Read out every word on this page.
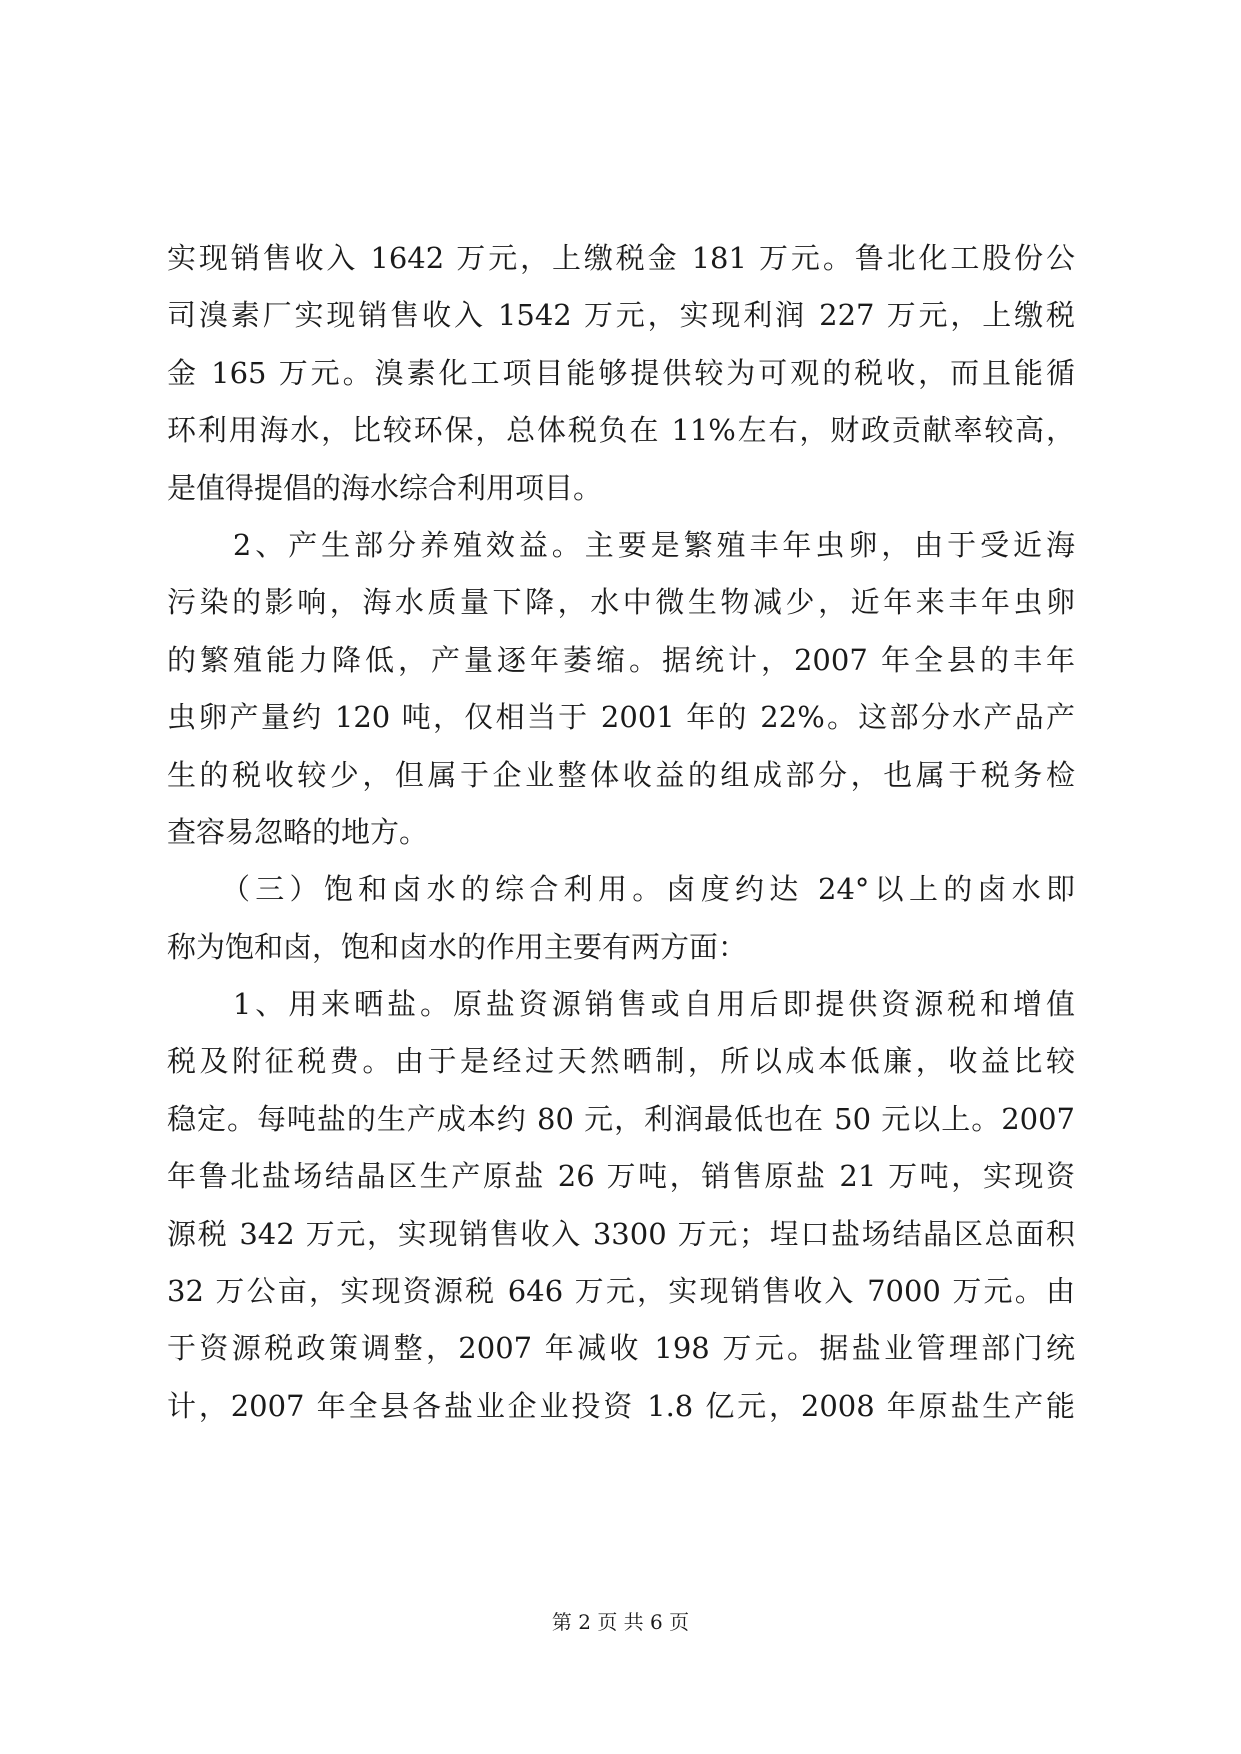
实现销售收入 1642 万元，上缴税金 181 万元。鲁北化工股份公
司溴素厂实现销售收入 1542 万元，实现利润 227 万元，上缴税
金 165 万元。溴素化工项目能够提供较为可观的税收，而且能循
环利用海水，比较环保，总体税负在 11%左右，财政贡献率较高，
是值得提倡的海水综合利用项目。
　　2、产生部分养殖效益。主要是繁殖丰年虫卵，由于受近海
污染的影响，海水质量下降，水中微生物减少，近年来丰年虫卵
的繁殖能力降低，产量逐年萎缩。据统计，2007 年全县的丰年
虫卵产量约 120 吨，仅相当于 2001 年的 22%。这部分水产品产
生的税收较少，但属于企业整体收益的组成部分，也属于税务检
查容易忽略的地方。
　　（三）饱和卤水的综合利用。卤度约达 24°以上的卤水即
称为饱和卤，饱和卤水的作用主要有两方面：
　　1、用来晒盐。原盐资源销售或自用后即提供资源税和增值
税及附征税费。由于是经过天然晒制，所以成本低廉，收益比较
稳定。每吨盐的生产成本约 80 元，利润最低也在 50 元以上。2007
年鲁北盐场结晶区生产原盐 26 万吨，销售原盐 21 万吨，实现资
源税 342 万元，实现销售收入 3300 万元；埕口盐场结晶区总面积
32 万公亩，实现资源税 646 万元，实现销售收入 7000 万元。由
于资源税政策调整，2007 年减收 198 万元。据盐业管理部门统
计，2007 年全县各盐业企业投资 1.8 亿元，2008 年原盐生产能
第 2 页 共 6 页
